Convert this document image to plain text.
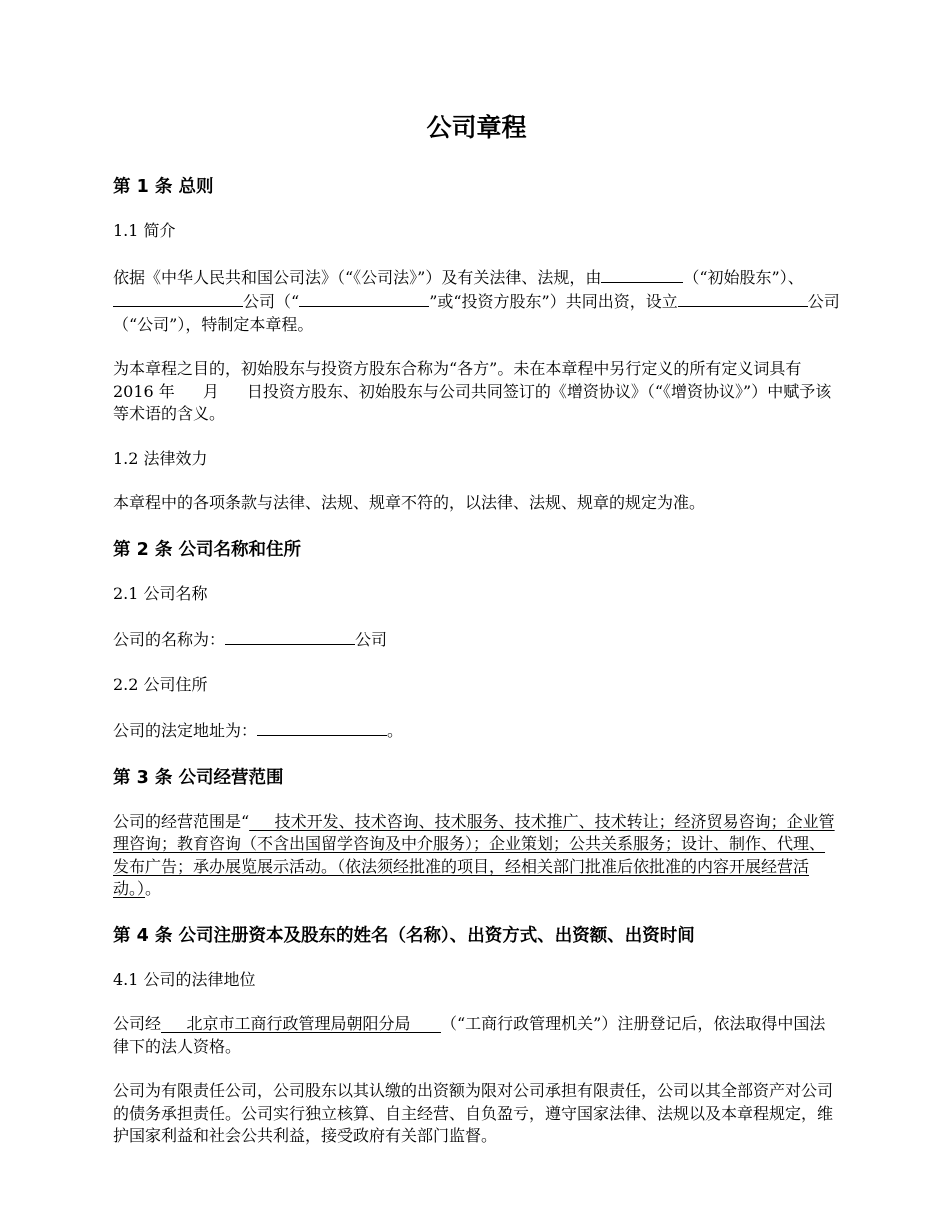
公司章程
第 1 条 总则
1.1 简介
依据《中华人民共和国公司法》（“《公司法》”）及有关法律、法规，由	（“初始股东”）、公司（“	”或“投资方股东”）共同出资，设立	公司（“公司”），特制定本章程。
为本章程之目的，初始股东与投资方股东合称为“各方”。未在本章程中另行定义的所有定义词具有 2016 年 月 日投资方股东、初始股东与公司共同签订的《增资协议》（“《增资协议》”）中赋予该等术语的含义。
1.2 法律效力
本章程中的各项条款与法律、法规、规章不符的，以法律、法规、规章的规定为准。
第 2 条 公司名称和住所
2.1 公司名称
公司的名称为：	公司
2.2 公司住所
公司的法定地址为：	。
第 3 条 公司经营范围
公司的经营范围是“     技术开发、技术咨询、技术服务、技术推广、技术转让；经济贸易咨询；企业管理咨询；教育咨询（不含出国留学咨询及中介服务）；企业策划；公共关系服务；设计、制作、代理、发布广告；承办展览展示活动。（依法须经批准的项目，经相关部门批准后依批准的内容开展经营活动。）。
第 4 条 公司注册资本及股东的姓名（名称）、出资方式、出资额、出资时间
4.1 公司的法律地位
公司经     北京市工商行政管理局朝阳分局      （“工商行政管理机关”）注册登记后，依法取得中国法律下的法人资格。
公司为有限责任公司，公司股东以其认缴的出资额为限对公司承担有限责任，公司以其全部资产对公司的债务承担责任。公司实行独立核算、自主经营、自负盈亏，遵守国家法律、法规以及本章程规定，维护国家利益和社会公共利益，接受政府有关部门监督。
